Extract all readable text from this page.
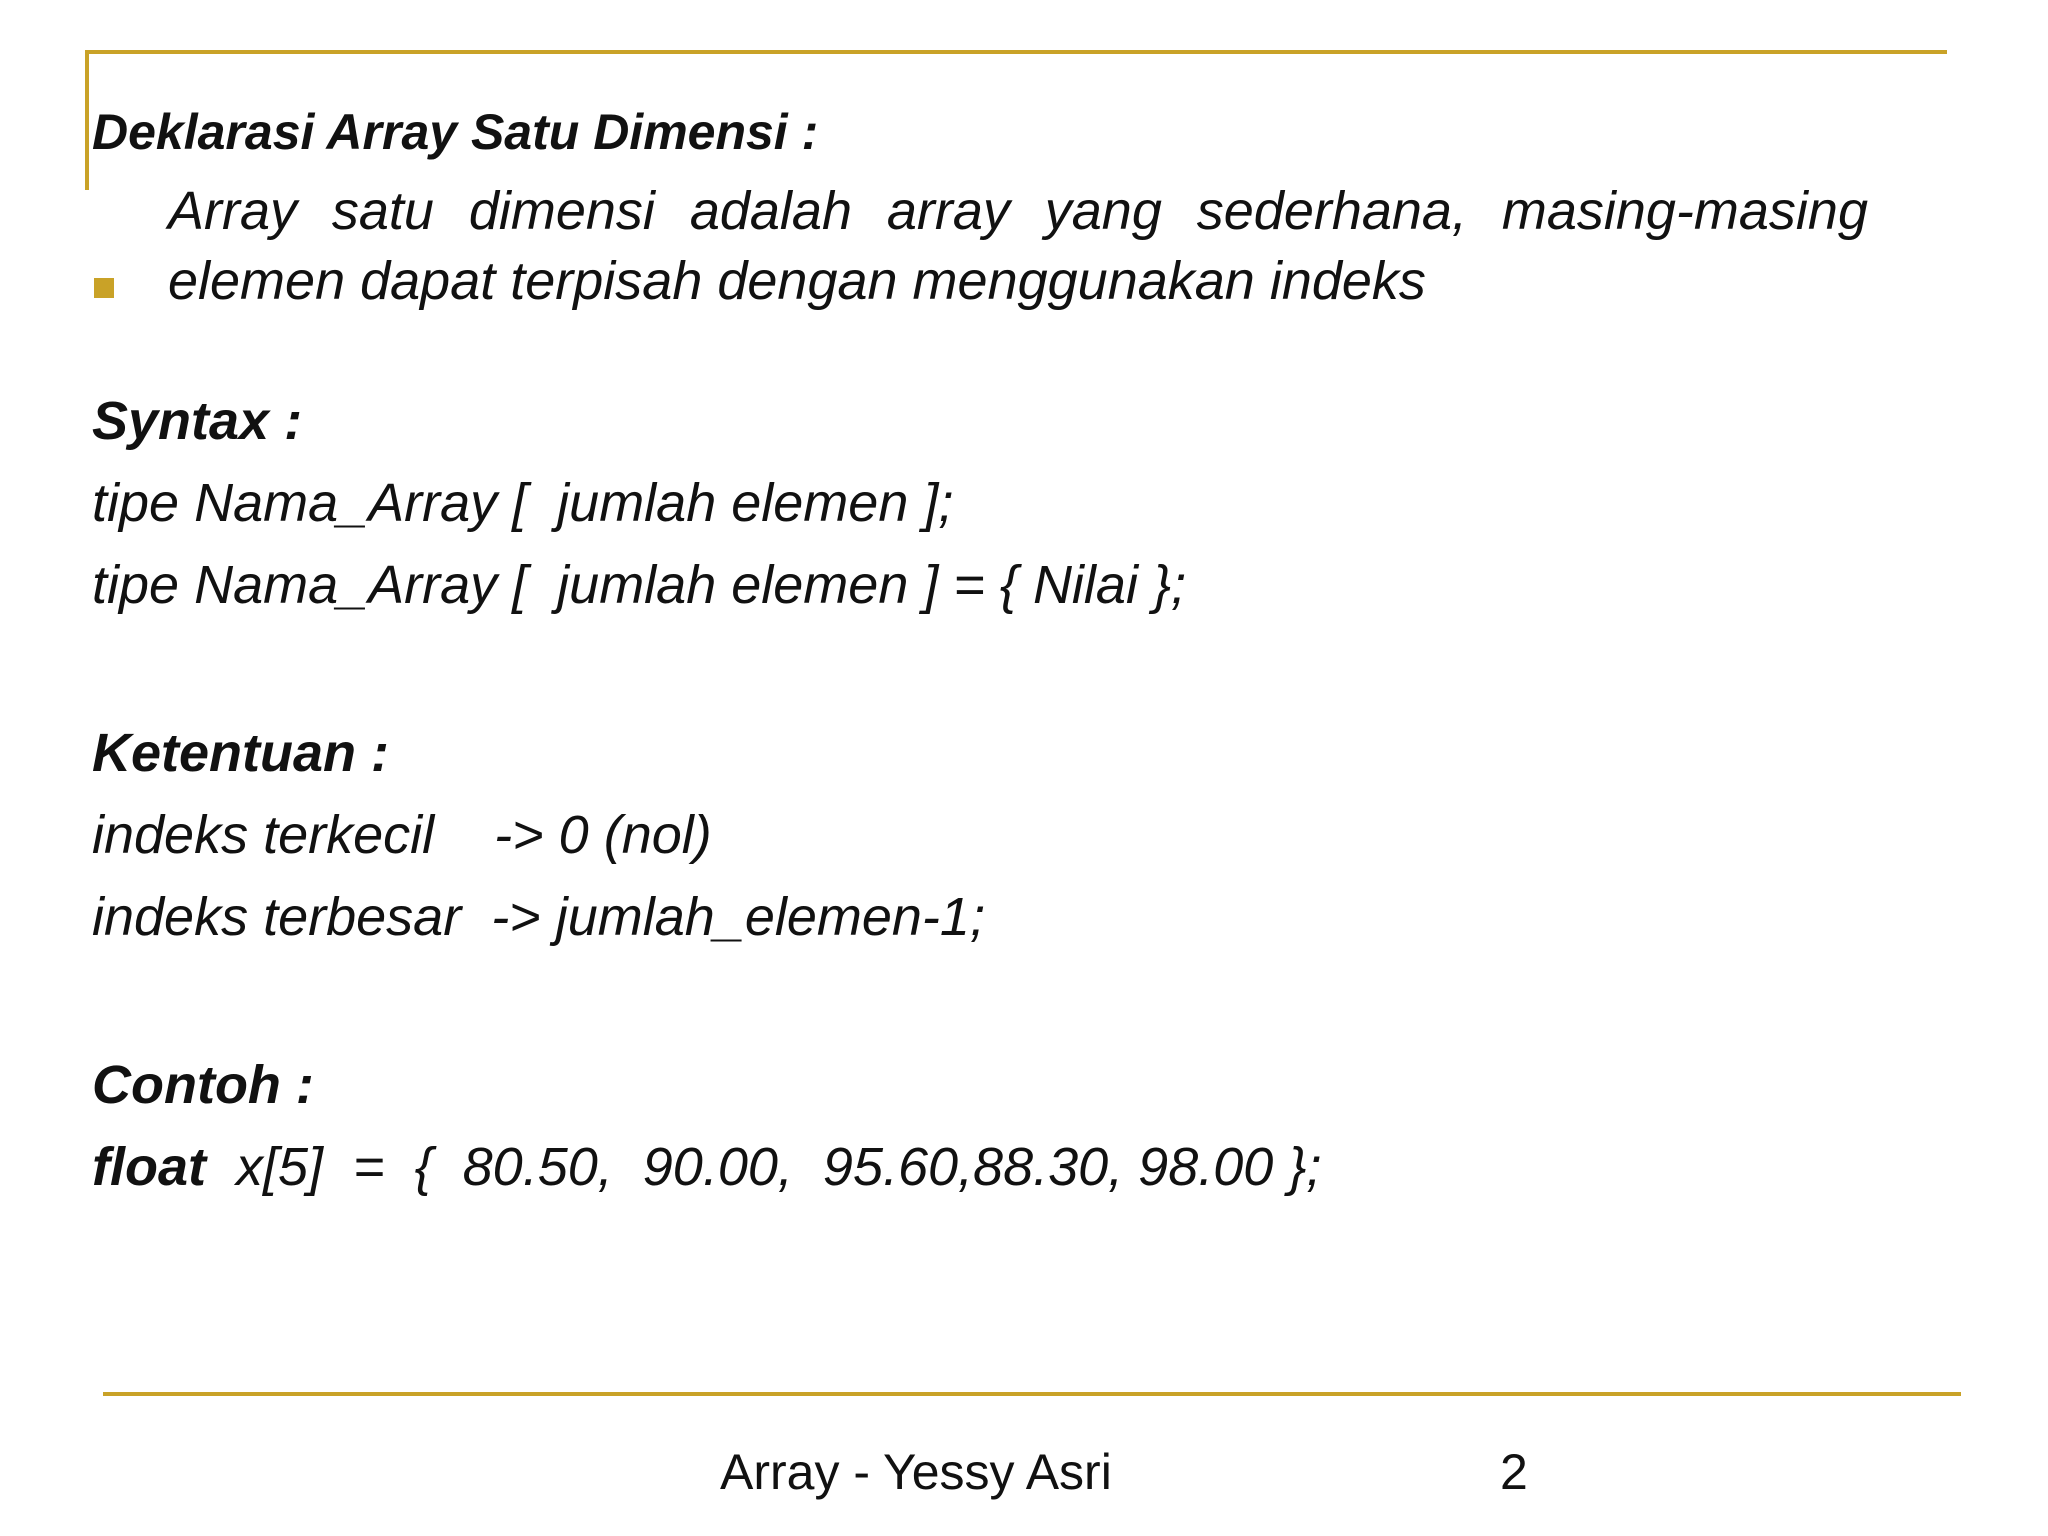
Deklarasi Array Satu Dimensi :

Array satu dimensi adalah array yang sederhana, masing-masing elemen dapat terpisah dengan menggunakan indeks

Syntax :

tipe Nama_Array [  jumlah elemen ];

tipe Nama_Array [  jumlah elemen ] = { Nilai };

Ketentuan :

indeks terkecil    -> 0 (nol)

indeks terbesar  -> jumlah_elemen-1;

Contoh :

float  x[5]  =  {  80.50,  90.00,  95.60,88.30, 98.00 };

Array - Yessy Asri	2
